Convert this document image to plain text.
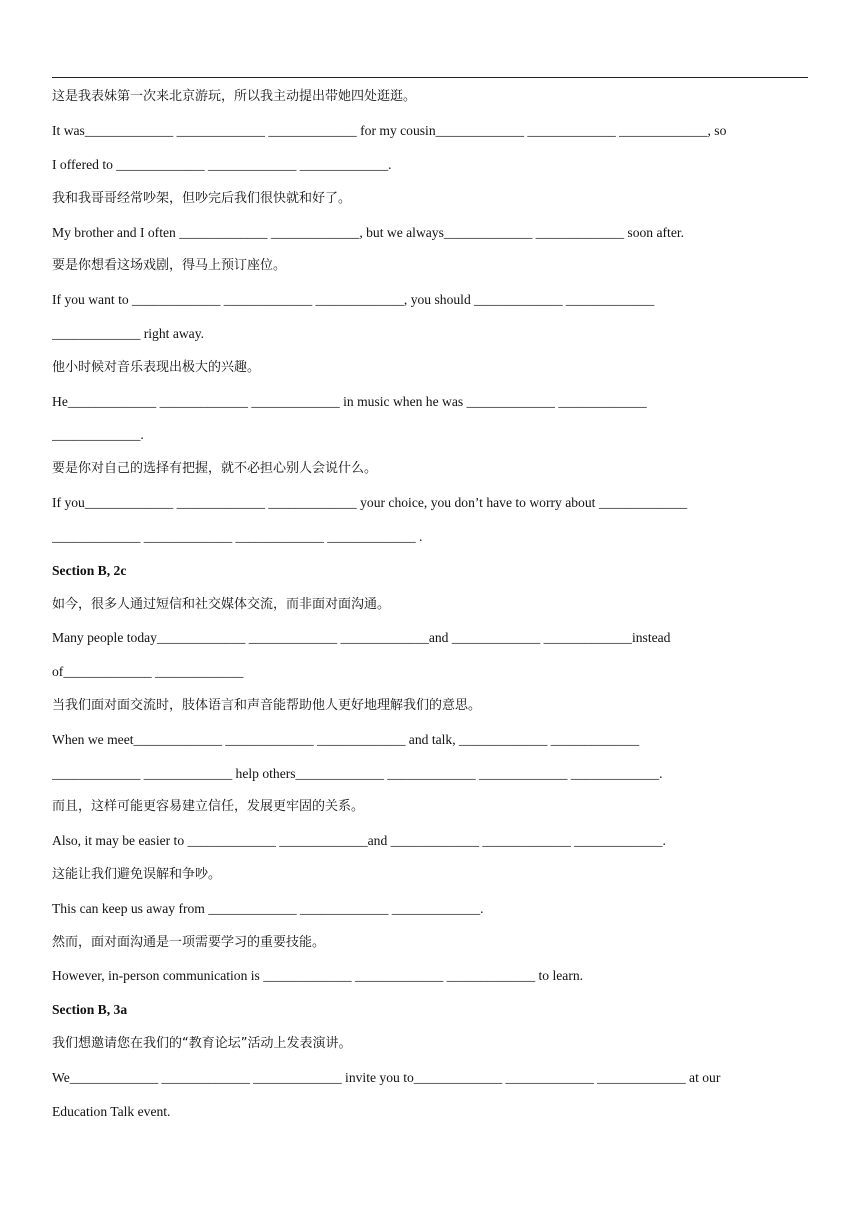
这是我表妹第一次来北京游玩，所以我主动提出带她四处逛逛。
It was_____________ _____________ _____________ for my cousin_____________ _____________ _____________, so
I offered to _____________ _____________ _____________.
我和我哥哥经常吵架，但吵完后我们很快就和好了。
My brother and I often _____________ _____________, but we always_____________ _____________ soon after.
要是你想看这场戏剧，得马上预订座位。
If you want to _____________ _____________ _____________, you should _____________ _____________
_____________ right away.
他小时候对音乐表现出极大的兴趣。
He_____________ _____________ _____________ in music when he was _____________ _____________
_____________.
要是你对自己的选择有把握，就不必担心别人会说什么。
If you_____________ _____________ _____________ your choice, you don’t have to worry about _____________
_____________ _____________ _____________ _____________ .
Section B, 2c
如今，很多人通过短信和社交媒体交流，而非面对面沟通。
Many people today_____________ _____________ _____________and _____________ _____________instead
of_____________ _____________
当我们面对面交流时，肢体语言和声音能帮助他人更好地理解我们的意思。
When we meet_____________ _____________ _____________ and talk, _____________ _____________
_____________ _____________ help others_____________ _____________ _____________ _____________.
而且，这样可能更容易建立信任，发展更牢固的关系。
Also, it may be easier to _____________ _____________and _____________ _____________ _____________.
这能让我们避免误解和争吵。
This can keep us away from _____________ _____________ _____________.
然而，面对面沟通是一项需要学习的重要技能。
However, in-person communication is _____________ _____________ _____________ to learn.
Section B, 3a
我们想邀请您在我们的“教育论坛”活动上发表演讲。
We_____________ _____________ _____________ invite you to_____________ _____________ _____________ at our
Education Talk event.
